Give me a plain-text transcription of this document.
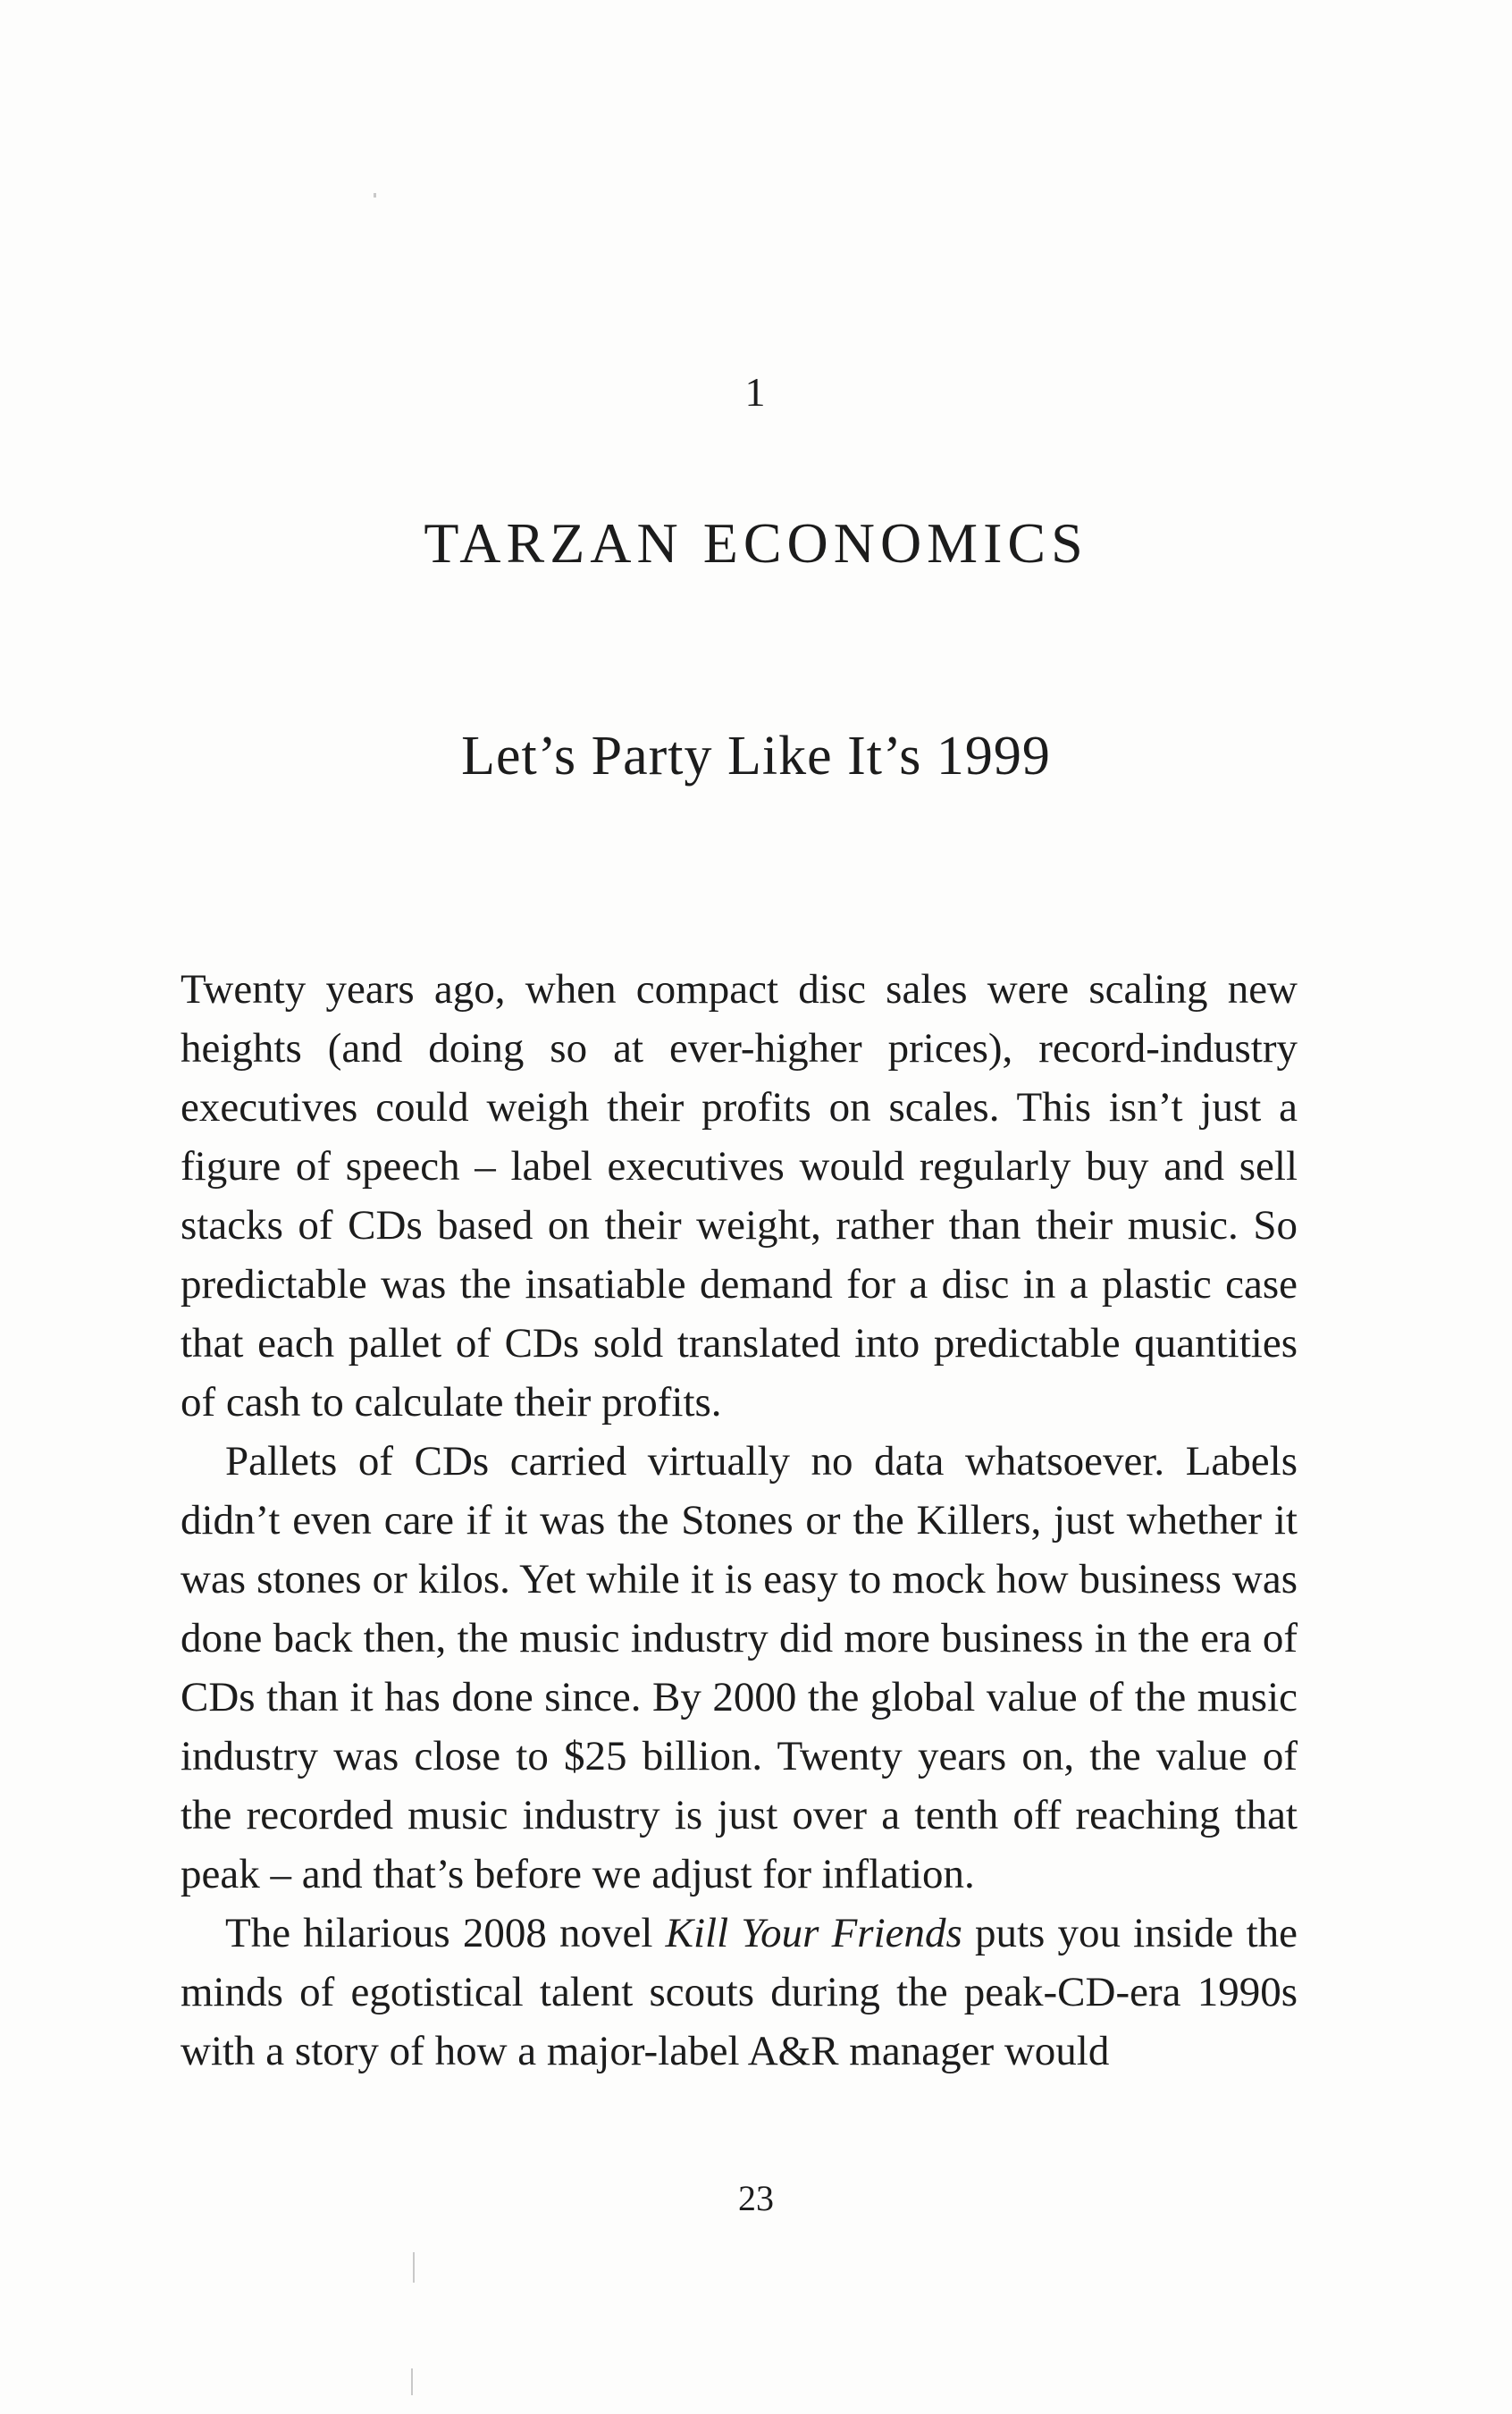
1
TARZAN ECONOMICS
Let’s Party Like It’s 1999

Twenty years ago, when compact disc sales were scaling new heights (and doing so at ever-higher prices), record-industry executives could weigh their profits on scales. This isn’t just a figure of speech – label executives would regularly buy and sell stacks of CDs based on their weight, rather than their music. So predictable was the insatiable demand for a disc in a plastic case that each pallet of CDs sold translated into predictable quantities of cash to calculate their profits.

Pallets of CDs carried virtually no data whatsoever. Labels didn’t even care if it was the Stones or the Killers, just whether it was stones or kilos. Yet while it is easy to mock how business was done back then, the music industry did more business in the era of CDs than it has done since. By 2000 the global value of the music industry was close to $25 billion. Twenty years on, the value of the recorded music industry is just over a tenth off reaching that peak – and that’s before we adjust for inflation.

The hilarious 2008 novel Kill Your Friends puts you inside the minds of egotistical talent scouts during the peak-CD-era 1990s with a story of how a major-label A&R manager would

23
